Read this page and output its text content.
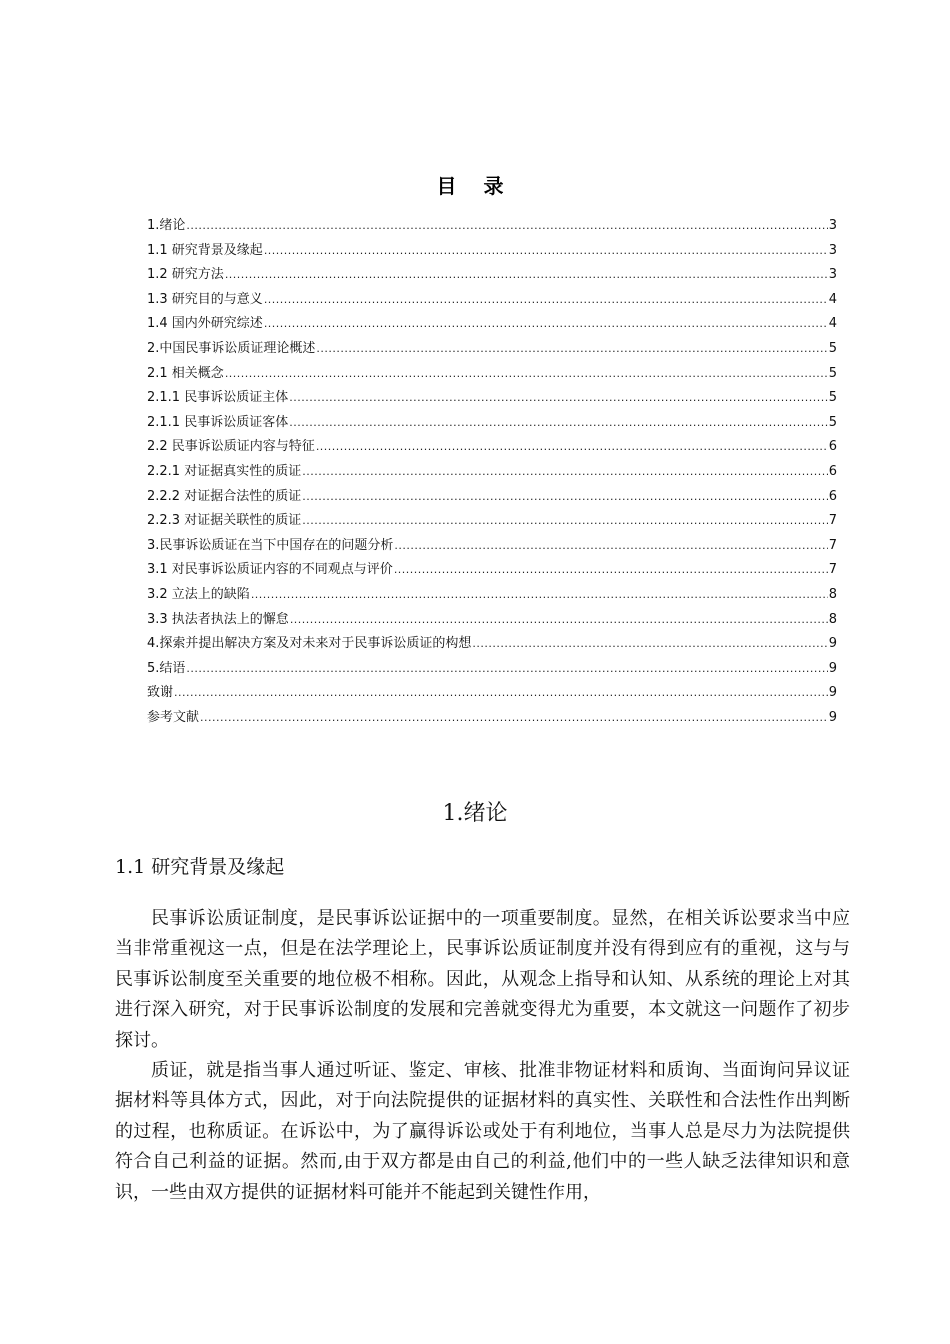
目 录
1.绪论 .....	3
1.1 研究背景及缘起 .....	3
1.2 研究方法 .....	3
1.3 研究目的与意义 .....	4
1.4 国内外研究综述 .....	4
2.中国民事诉讼质证理论概述 .....	5
2.1 相关概念 .....	5
2.1.1 民事诉讼质证主体 .....	5
2.1.1 民事诉讼质证客体 .....	5
2.2 民事诉讼质证内容与特征 .....	6
2.2.1 对证据真实性的质证 .....	6
2.2.2 对证据合法性的质证 .....	6
2.2.3 对证据关联性的质证 .....	7
3.民事诉讼质证在当下中国存在的问题分析 .....	7
3.1 对民事诉讼质证内容的不同观点与评价 .....	7
3.2 立法上的缺陷 .....	8
3.3 执法者执法上的懈怠 .....	8
4.探索并提出解决方案及对未来对于民事诉讼质证的构想 .....	9
5.结语 .....	9
致谢 .....	9
参考文献 .....	9
1.绪论
1.1 研究背景及缘起

民事诉讼质证制度，是民事诉讼证据中的一项重要制度。显然，在相关诉讼要求当中应当非常重视这一点，但是在法学理论上，民事诉讼质证制度并没有得到应有的重视，这与与民事诉讼制度至关重要的地位极不相称。因此，从观念上指导和认知、从系统的理论上对其进行深入研究，对于民事诉讼制度的发展和完善就变得尤为重要，本文就这一问题作了初步探讨。

质证，就是指当事人通过听证、鉴定、审核、批准非物证材料和质询、当面询问异议证据材料等具体方式，因此，对于向法院提供的证据材料的真实性、关联性和合法性作出判断的过程，也称质证。在诉讼中，为了赢得诉讼或处于有利地位，当事人总是尽力为法院提供符合自己利益的证据。然而,由于双方都是由自己的利益,他们中的一些人缺乏法律知识和意识，一些由双方提供的证据材料可能并不能起到关键性作用，
